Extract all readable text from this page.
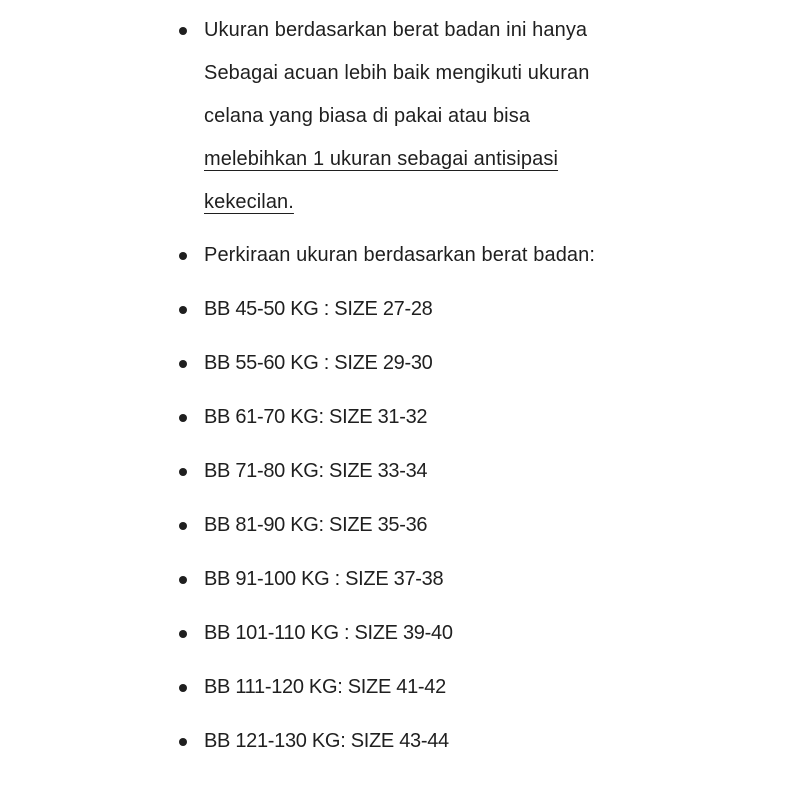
Ukuran berdasarkan berat badan ini hanya
Sebagai acuan lebih baik mengikuti ukuran
celana yang biasa di pakai atau bisa
melebihkan 1 ukuran sebagai antisipasi
kekecilan.
Perkiraan ukuran berdasarkan berat badan:
BB 45-50 KG : SIZE 27-28
BB 55-60 KG : SIZE 29-30
BB 61-70 KG: SIZE 31-32
BB 71-80 KG: SIZE 33-34
BB 81-90 KG: SIZE 35-36
BB 91-100 KG : SIZE 37-38
BB 101-110 KG : SIZE 39-40
BB 111-120 KG: SIZE 41-42
BB 121-130 KG: SIZE 43-44
